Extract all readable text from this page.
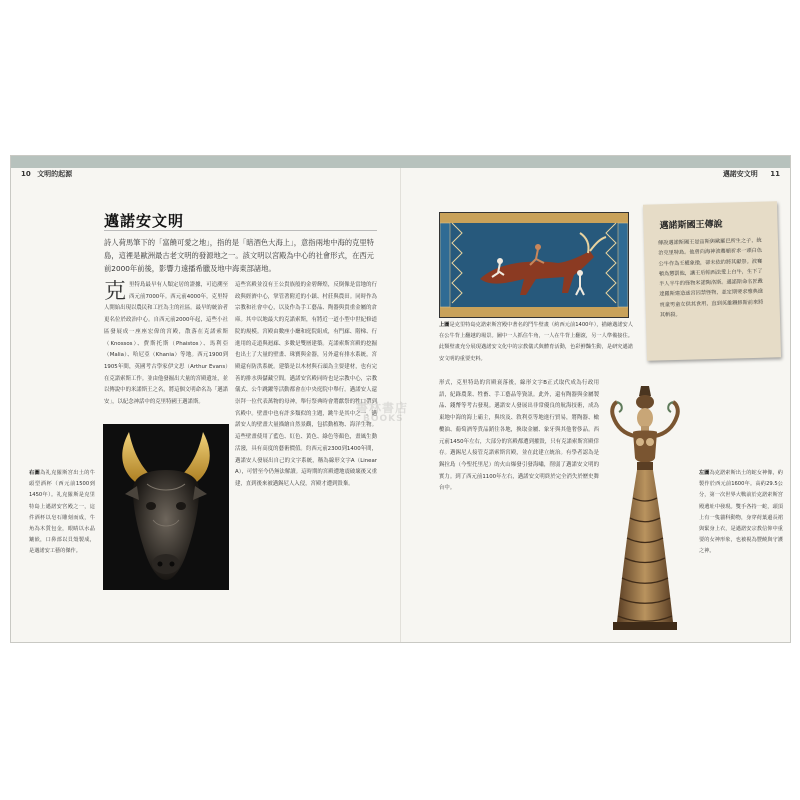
10 文明的起源	邁諾安文明 11
邁諾安文明
詩人荷馬筆下的「富饒可愛之地」，指的是「暗酒色大海上」，意指兩地中海的克里特島，這裡是歐洲最古老文明的發源地之一。該文明以宮殿為中心的社會形式，在西元前2000年前後，影響力遠播希臘及地中海東部諸地。
克里特島最早有人類定居的證據，可追溯至西元前7000年。西元前4000年，克里特人開始出現以農民和工匠為主的社區。最早的統治者更名位於政治中心。自西元前2000年起，這些小社區發展成一座座宏偉的宮殿，散落在克諾索斯（Knossos）、費斯托斯（Phaistos）、馬利亞（Malia）、哈尼亞（Khania）等地。西元1900到1905年間，英國考古學家伊文思（Arthur Evans）在克諾索斯工作。並由他發掘出大量的宮殿遺址，並以傳說中的米諾斯王之名，將這個文明命名為「邁諾安」，以紀念神話中的克里特國王邁諾斯。
右圖為礼克羅斯宮出土的牛頭型酒杯（西元前1500到1450年）。礼克羅斯是克里特島上邁諾安宮殿之一，這件酒杯以皂石雕刻而成，牛角為木質包金，眼睛以水晶鑲嵌，口鼻部以貝殼製成，是邁諾安工藝的傑作。
這些宮殿並沒有王公貴族般的金碧輝煌，反倒像是當地的行政與經濟中心，掌管著附近的小鎮、村莊與農田。同時作為宗教和社會中心，以及作為手工藝品、陶器與貴重金屬的倉庫。其中以地最大的克諾索斯，有將近一道小型中世紀修道院的規模。宮殿由數座小廳和庭院組成，有門廊、階梯、行進用的走道與迴廊、多數是雙層建築。克諾索斯宮殿的挖掘也出土了大量的壁畫、珠寶與金器，另外還有排水系統，宮殿還有防洪系統。建築是以木材與石頭為主要建材，也有完善的排水與儲藏空間。邁諾安宮殿同時也是宗教中心，宗教儀式、公牛跳躍等活動都會在中央庭院中舉行。邁諾安人還崇拜一位代表萬物的母神，舉行祭典時會將獻祭的牲口帶到宮殿中。壁畫中也有許多類似的主題，跳牛是其中之一。邁諾安人的壁畫大量描繪自然景觀，包括動植物、海洋生物。這些壁畫使用了藍色、紅色、黃色、綠色等顏色，畫風生動活潑，具有高度的藝術價值。約西元前2300到1400年間，邁諾安人發展出自己的文字系統，稱為線形文字A（Linear A），可惜至今仍無法解讀。這時期的宮殿遭地震破壞後又重建，直到後來被邁錫尼人入侵，宮殿才遭到毀棄。
上圖是克里特島克諾索斯宮殿中著名的鬥牛壁畫（約西元前1400年），描繪邁諾安人在公牛背上翻越的場景。圖中一人抓住牛角，一人在牛背上翻滾，另一人準備接住。此類壁畫充分展現邁諾安文化中的宗教儀式與體育活動，色彩鮮豔生動，是研究邁諾安文明的重要史料。
邁諾斯國王傳說
傳說邁諾斯國王是宙斯與歐羅巴所生之子，統治克里特島。他曾向海神波賽頓祈求一頭白色公牛作為王權象徵，卻未依約將其獻祭。波賽頓為懲罰他，讓王后帕西法愛上白牛，生下了半人半牛的怪物米諾陶洛斯。邁諾斯命名匠戴達羅斯建造迷宮囚禁怪物，並定期要求雅典進貢童男童女供其食用，直到英雄鐵修斯前來將其斬殺。
形式，克里特島的宮殿衰落後，線形文字B正式取代成為行政用語，紀錄農業、牲畜、手工藝品等資訊。此外，還有陶器與金屬製品、錢幣等考古發現。邁諾安人發展出非常優良的航海技術，成為東地中海的海上霸主，與埃及、敘利亞等地進行貿易，將陶器、橄欖油、葡萄酒等貨品銷往各地，換取金屬、象牙與其他奢侈品。西元前1450年左右，大部分的宮殿都遭到摧毀，只有克諾索斯宮殿倖存。邁錫尼人接管克諾索斯宮殿，並在此建立統治。有學者認為是錫拉島（今聖托里尼）的火山爆發引發海嘯，削弱了邁諾安文明的實力。到了西元前1100年左右，邁諾安文明終於完全消失於歷史舞台中。
左圖為克諾索斯出土的蛇女神像，約製作於西元前1600年。高約29.5公分，第一次世界大戰前於克諾索斯宮殿遺址中發現。雙手各持一蛇，頭頂上有一隻貓科動物，身穿荷葉邊長裙與緊身上衣，是邁諾安宗教信仰中重要的女神形象，也被視為豐饒與守護之神。
書林書店
BOOKS
